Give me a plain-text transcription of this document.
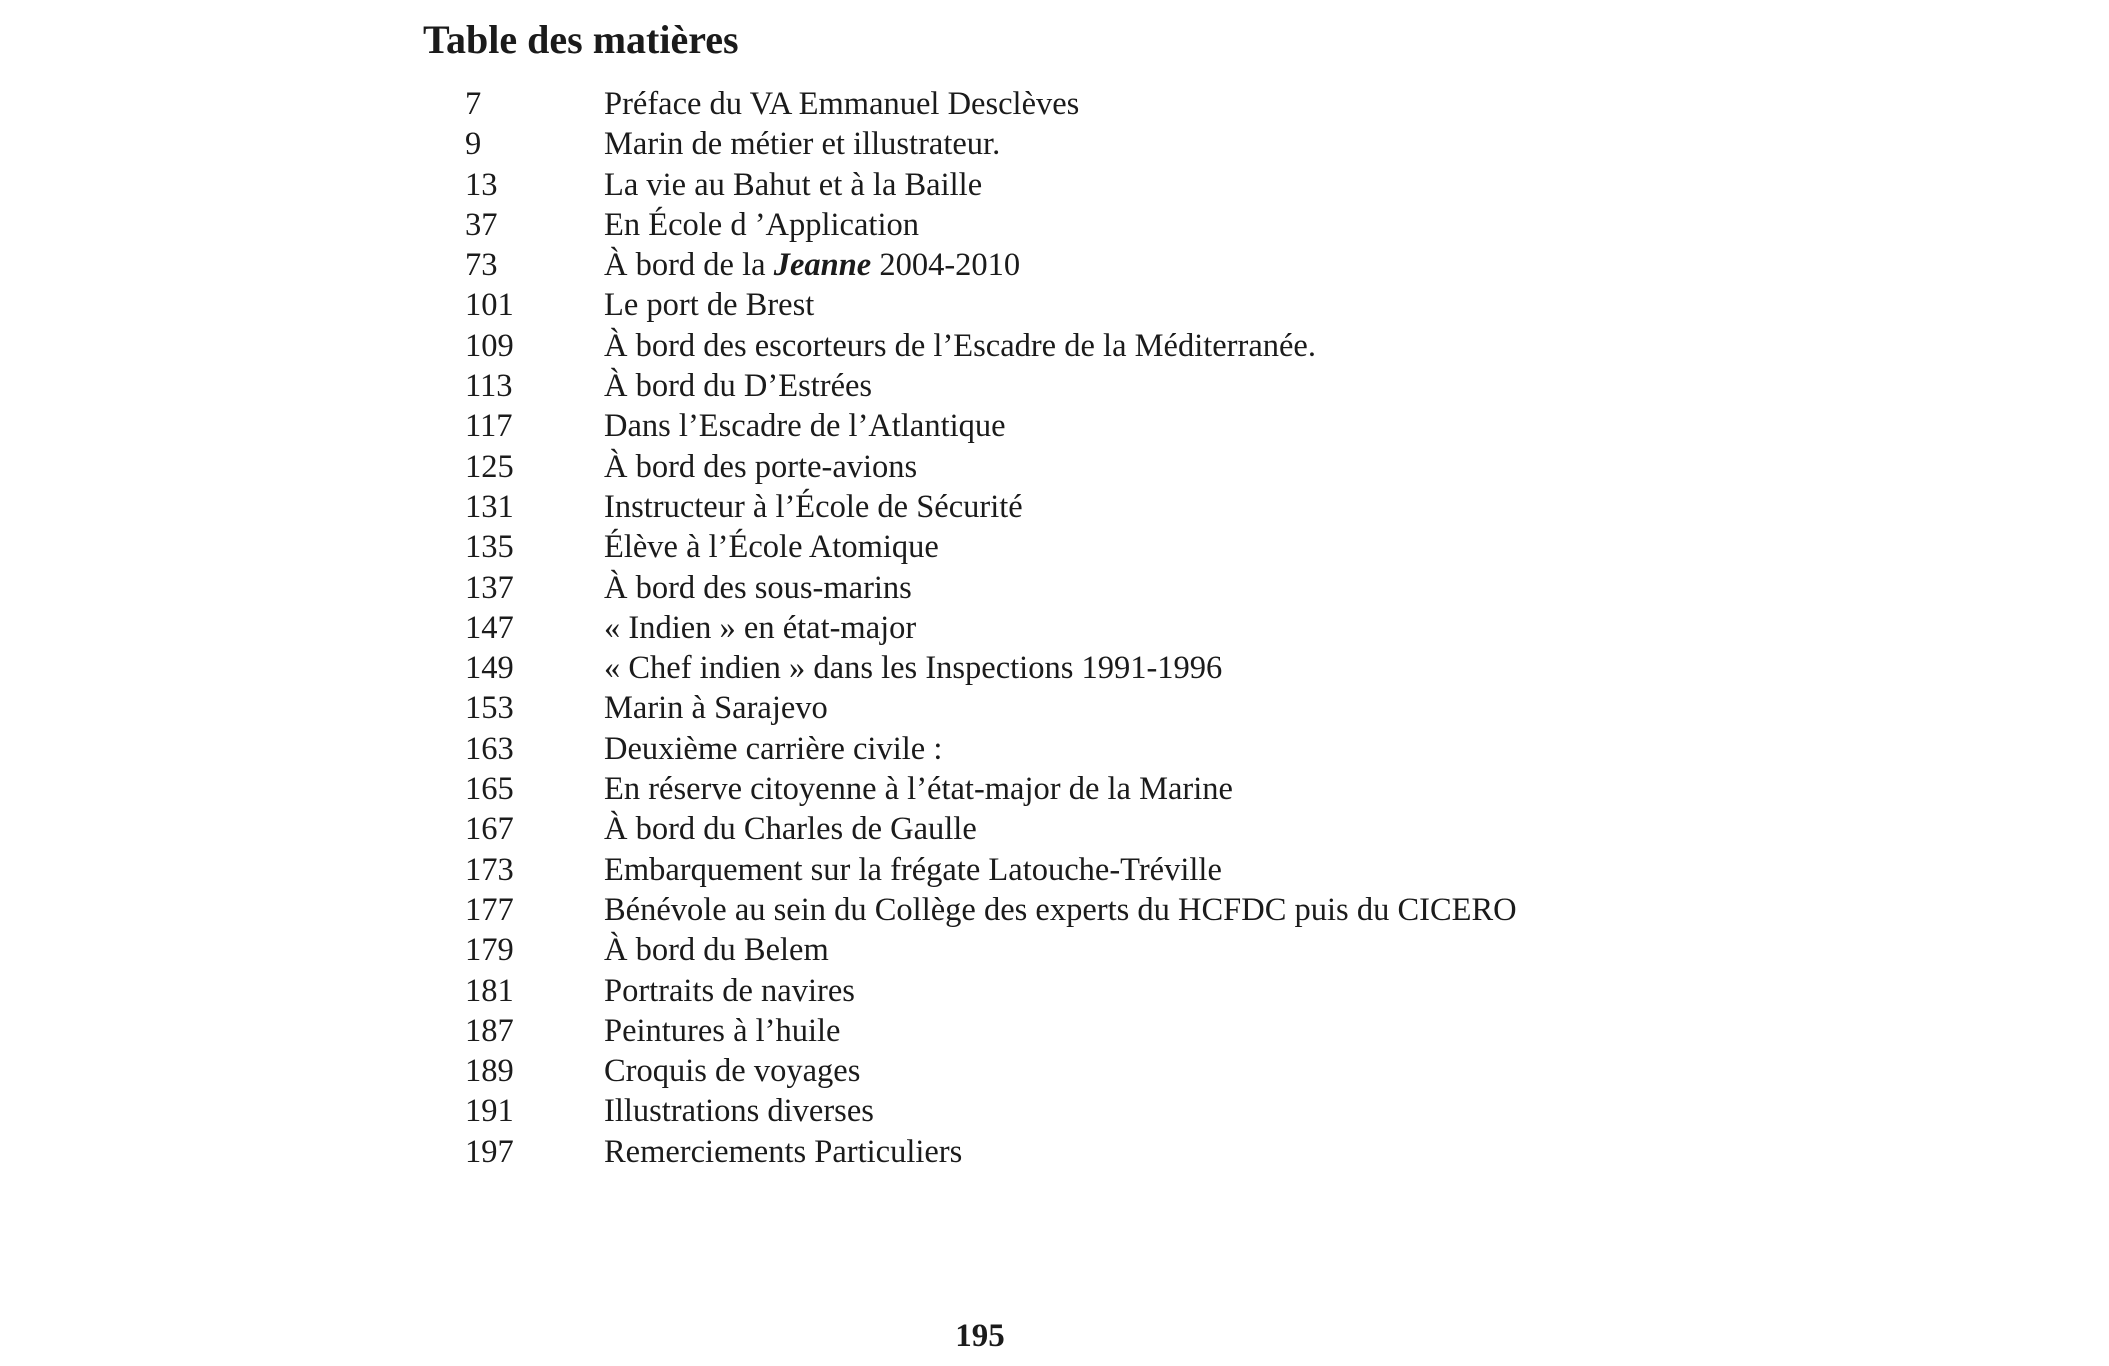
Table des matières
7	Préface du VA Emmanuel Desclèves
9	Marin de métier et illustrateur.
13	La vie au Bahut et à la Baille
37	En École d ’Application
73	À bord de la Jeanne 2004-2010
101	Le port de Brest
109	À bord des escorteurs de l’Escadre de la Méditerranée.
113	À bord du D’Estrées
117	Dans l’Escadre de l’Atlantique
125	À bord des porte-avions
131	Instructeur à l’École de Sécurité
135	Élève à l’École Atomique
137	À bord des sous-marins
147	« Indien » en état-major
149	« Chef indien » dans les Inspections 1991-1996
153	Marin à Sarajevo
163	Deuxième carrière civile :
165	En réserve citoyenne à l’état-major de la Marine
167	À bord du Charles de Gaulle
173	Embarquement sur la frégate Latouche-Tréville
177	Bénévole au sein du Collège des experts du HCFDC puis du CICERO
179	À bord du Belem
181	Portraits de navires
187	Peintures à l’huile
189	Croquis de voyages
191	Illustrations diverses
197	Remerciements Particuliers
195
